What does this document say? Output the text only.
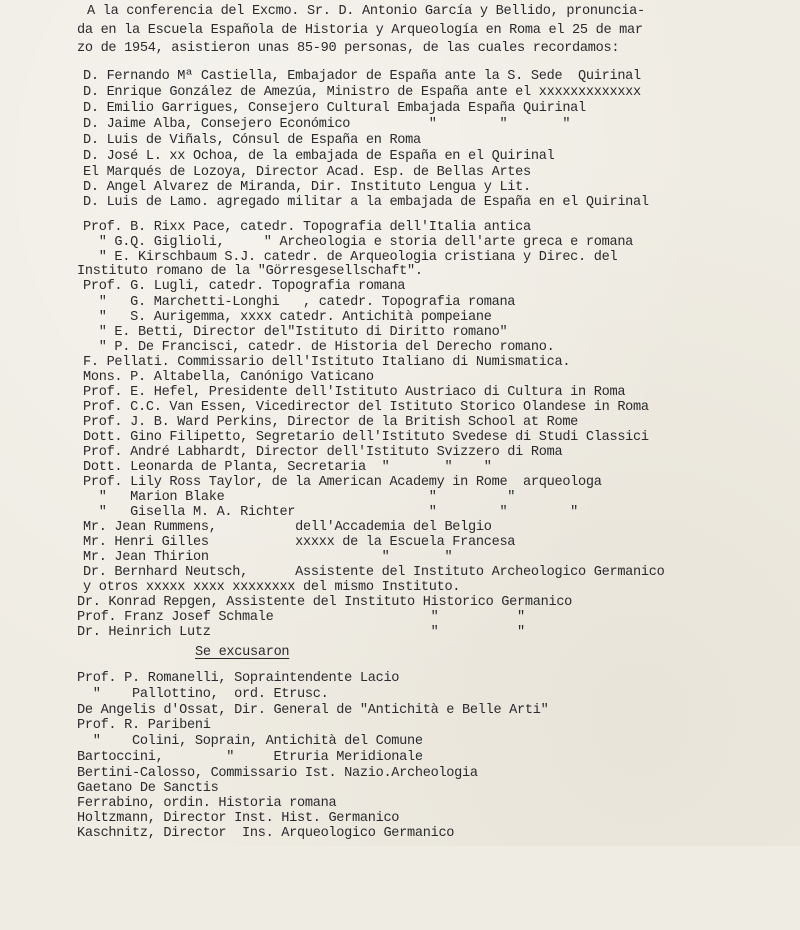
A la conferencia del Excmo. Sr. D. Antonio García y Bellido, pronuncia-

da en la Escuela Española de Historia y Arqueología en Roma el 25 de mar

zo de 1954, asistieron unas 85-90 personas, de las cuales recordamos:

D. Fernando Mª Castiella, Embajador de España ante la S. Sede  Quirinal

D. Enrique González de Amezúa, Ministro de España ante el xxxxxxxxxxxxx

D. Emilio Garrigues, Consejero Cultural Embajada España Quirinal

D. Jaime Alba, Consejero Económico          "        "       "

D. Luis de Viñals, Cónsul de España en Roma

D. José L. xx Ochoa, de la embajada de España en el Quirinal

El Marqués de Lozoya, Director Acad. Esp. de Bellas Artes

D. Angel Alvarez de Miranda, Dir. Instituto Lengua y Lit.

D. Luis de Lamo. agregado militar a la embajada de España en el Quirinal

Prof. B. Rixx Pace, catedr. Topografia dell'Italia antica

" G.Q. Giglioli,     " Archeologia e storia dell'arte greca e romana

" E. Kirschbaum S.J. catedr. de Arqueologia cristiana y Direc. del

Instituto romano de la "Görresgesellschaft".

Prof. G. Lugli, catedr. Topografia romana

"   G. Marchetti-Longhi   , catedr. Topografia romana

"   S. Aurigemma, xxxx catedr. Antichità pompeiane

" E. Betti, Director del"Istituto di Diritto romano"

" P. De Francisci, catedr. de Historia del Derecho romano.

F. Pellati. Commissario dell'Istituto Italiano di Numismatica.

Mons. P. Altabella, Canónigo Vaticano

Prof. E. Hefel, Presidente dell'Istituto Austriaco di Cultura in Roma

Prof. C.C. Van Essen, Vicedirector del Istituto Storico Olandese in Roma

Prof. J. B. Ward Perkins, Director de la British School at Rome

Dott. Gino Filipetto, Segretario dell'Istituto Svedese di Studi Classici

Prof. André Labhardt, Director dell'Istituto Svizzero di Roma

Dott. Leonarda de Planta, Secretaria  "       "    "

Prof. Lily Ross Taylor, de la American Academy in Rome  arqueologa

"   Marion Blake                          "         "

"   Gisella M. A. Richter                 "        "        "

Mr. Jean Rummens,          dell'Accademia del Belgio

Mr. Henri Gilles           xxxxx de la Escuela Francesa

Mr. Jean Thirion                      "       "

Dr. Bernhard Neutsch,      Assistente del Instituto Archeologico Germanico

y otros xxxxx xxxx xxxxxxxx del mismo Instituto.

Dr. Konrad Repgen, Assistente del Instituto Historico Germanico

Prof. Franz Josef Schmale                    "          "

Dr. Heinrich Lutz                            "          "

Se excusaron

Prof. P. Romanelli, Sopraintendente Lacio

"    Pallottino,  ord. Etrusc.

De Angelis d'Ossat, Dir. General de "Antichità e Belle Arti"

Prof. R. Paribeni

"    Colini, Soprain, Antichità del Comune

Bartoccini,        "     Etruria Meridionale

Bertini-Calosso, Commissario Ist. Nazio.Archeologia

Gaetano De Sanctis

Ferrabino, ordin. Historia romana

Holtzmann, Director Inst. Hist. Germanico

Kaschnitz, Director  Ins. Arqueologico Germanico
